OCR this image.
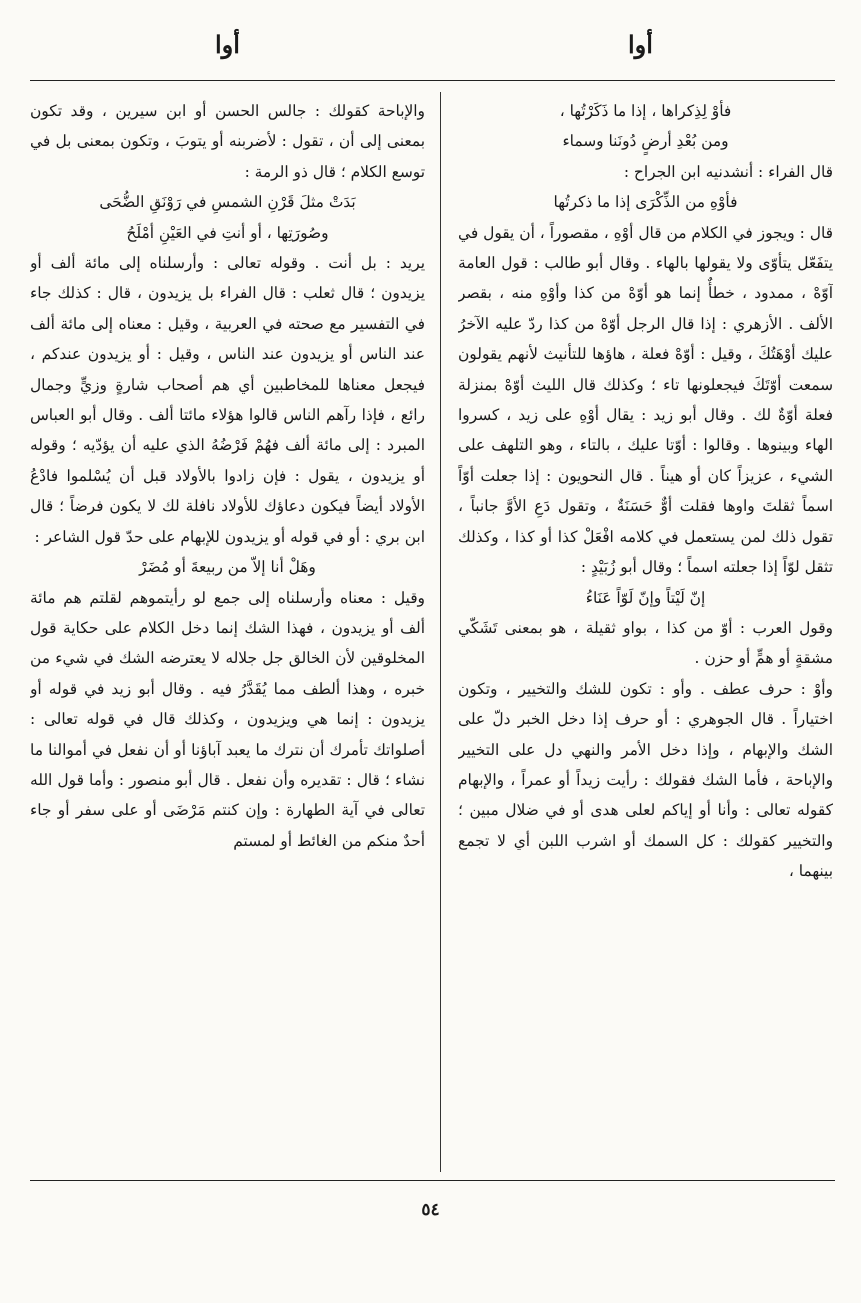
أوا	أوا

فأوْ لِذِكراها ، إذا ما ذَكَرْتُها ،

ومن بُعْدِ أرضٍ دُونَنا وسماء

قال الفراء : أنشدنيه ابن الجراح :

فأوْهِ من الذِّكْرَى إذا ما ذكرتُها

قال : ويجوز في الكلام من قال أوْهِ ، مقصوراً ، أن يقول في يتفَعّل يتأوّى ولا يقولها بالهاء . وقال أبو طالب : قول العامة آوّهْ ، ممدود ، خطأٌ إنما هو أوّهْ من كذا وأوْهِ منه ، بقصر الألف . الأزهري : إذا قال الرجل أوّهْ من كذا ردّ عليه الآخرُ عليك أوْهَتُكَ ، وقيل : أوّهْ فعلة ، هاؤها للتأنيث لأنهم يقولون سمعت أوّتَكَ فيجعلونها تاء ؛ وكذلك قال الليث أوّهْ بمنزلة فعلة أوّةٌ لك . وقال أبو زيد : يقال أوْهِ على زيد ، كسروا الهاء وبينوها . وقالوا : أوّتا عليك ، بالتاء ، وهو التلهف على الشيء ، عزيزاً كان أو هيناً . قال النحويون : إذا جعلت أوّاً اسماً ثقلتَ واوها فقلت أوٌّ حَسَنَةٌ ، وتقول دَعِ الأوَّ جانباً ، تقول ذلك لمن يستعمل في كلامه افْعَلْ كذا أو كذا ، وكذلك تثقل لوّاً إذا جعلته اسماً ؛ وقال أبو زُبَيْدٍ :

إنّ لَيْتاً وإنّ لَوّاً عَنَاءُ

وقول العرب : أوّ من كذا ، بواو ثقيلة ، هو بمعنى تَشَكّي مشقةٍ أو همٍّ أو حزن .

وأوْ : حرف عطف . وأو : تكون للشك والتخيير ، وتكون اختياراً . قال الجوهري : أو حرف إذا دخل الخبر دلّ على الشك والإبهام ، وإذا دخل الأمر والنهي دل على التخيير والإباحة ، فأما الشك فقولك : رأيت زيداً أو عمراً ، والإبهام كقوله تعالى : وأنا أو إياكم لعلى هدى أو في ضلال مبين ؛ والتخيير كقولك : كل السمك أو اشرب اللبن أي لا تجمع بينهما ،

والإباحة كقولك : جالس الحسن أو ابن سيرين ، وقد تكون بمعنى إلى أن ، تقول : لأضربنه أو يتوبَ ، وتكون بمعنى بل في توسع الكلام ؛ قال ذو الرمة :

بَدَتْ مثلَ قَرْنِ الشمسِ في رَوْنَقِ الضُّحَى

وصُورَتِها ، أو أنتِ في العَيْنِ أمْلَحُ

يريد : بل أنت . وقوله تعالى : وأرسلناه إلى مائة ألف أو يزيدون ؛ قال ثعلب : قال الفراء بل يزيدون ، قال : كذلك جاء في التفسير مع صحته في العربية ، وقيل : معناه إلى مائة ألف عند الناس أو يزيدون عند الناس ، وقيل : أو يزيدون عندكم ، فيجعل معناها للمخاطبين أي هم أصحاب شارةٍ وزيٍّ وجمال رائع ، فإذا رآهم الناس قالوا هؤلاء مائتا ألف . وقال أبو العباس المبرد : إلى مائة ألف فهُمْ فَرْضُهُ الذي عليه أن يؤدّيه ؛ وقوله أو يزيدون ، يقول : فإن زادوا بالأولاد قبل أن يُسْلموا فادْعُ الأولاد أيضاً فيكون دعاؤك للأولاد نافلة لك لا يكون فرضاً ؛ قال ابن بري : أو في قوله أو يزيدون للإبهام على حدّ قول الشاعر :

وهَلْ أنا إلاّ من ربيعةَ أو مُضَرْ

وقيل : معناه وأرسلناه إلى جمع لو رأيتموهم لقلتم هم مائة ألف أو يزيدون ، فهذا الشك إنما دخل الكلام على حكاية قول المخلوقين لأن الخالق جل جلاله لا يعترضه الشك في شيء من خبره ، وهذا ألطف مما يُقَدَّرُ فيه . وقال أبو زيد في قوله أو يزيدون : إنما هي ويزيدون ، وكذلك قال في قوله تعالى : أصلواتك تأمرك أن نترك ما يعبد آباؤنا أو أن نفعل في أموالنا ما نشاء ؛ قال : تقديره وأن نفعل . قال أبو منصور : وأما قول الله تعالى في آية الطهارة : وإن كنتم مَرْضَى أو على سفر أو جاء أحدٌ منكم من الغائط أو لمستم

٥٤
